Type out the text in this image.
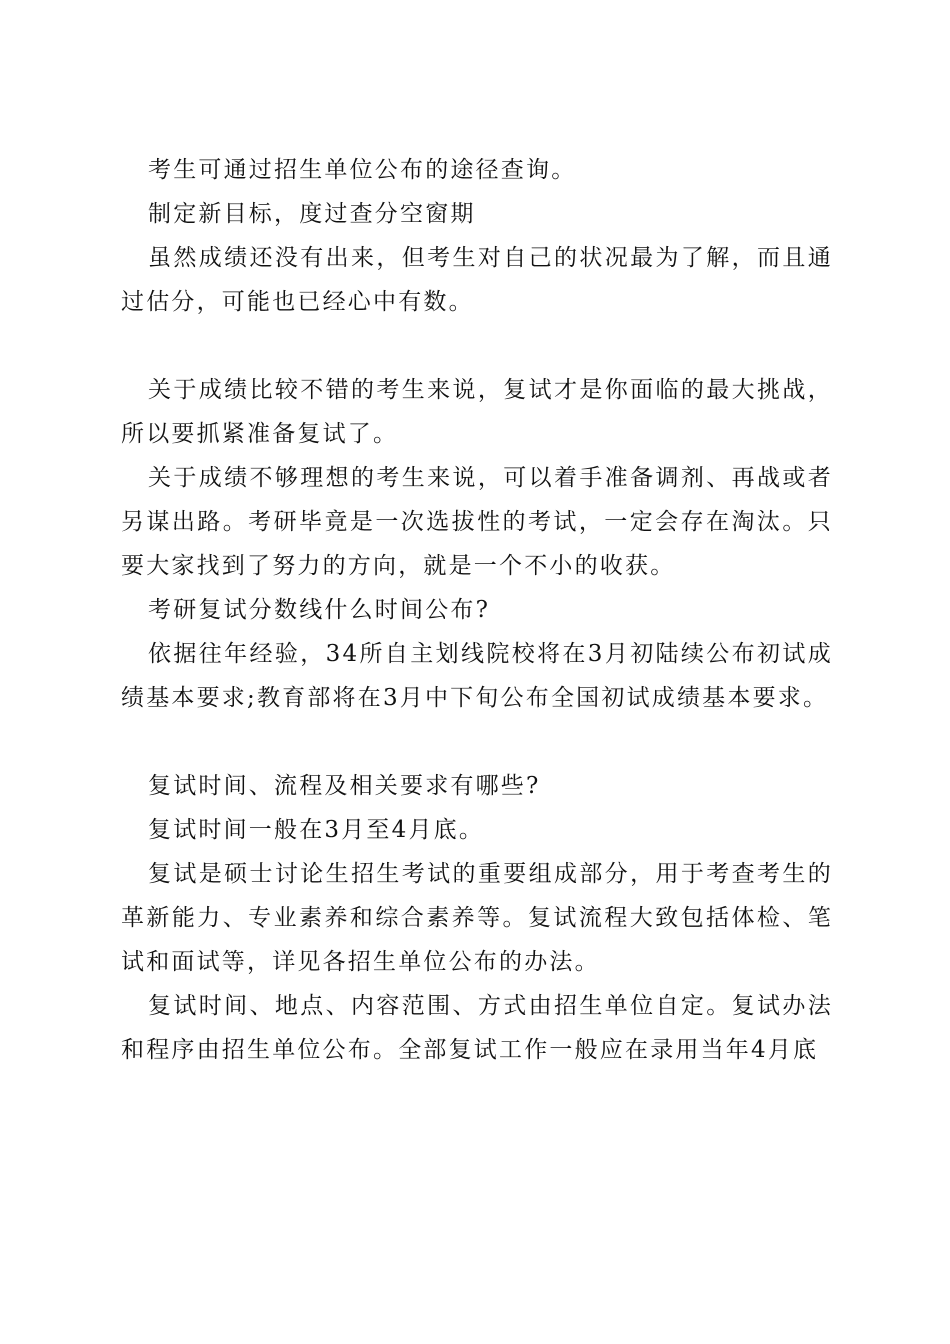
考生可通过招生单位公布的途径查询。

制定新目标，度过查分空窗期

虽然成绩还没有出来，但考生对自己的状况最为了解，而且通过估分，可能也已经心中有数。

关于成绩比较不错的考生来说，复试才是你面临的最大挑战，所以要抓紧准备复试了。

关于成绩不够理想的考生来说，可以着手准备调剂、再战或者另谋出路。考研毕竟是一次选拔性的考试，一定会存在淘汰。只要大家找到了努力的方向，就是一个不小的收获。

考研复试分数线什么时间公布?

依据往年经验，34所自主划线院校将在3月初陆续公布初试成绩基本要求;教育部将在3月中下旬公布全国初试成绩基本要求。

复试时间、流程及相关要求有哪些?

复试时间一般在3月至4月底。

复试是硕士讨论生招生考试的重要组成部分，用于考查考生的革新能力、专业素养和综合素养等。复试流程大致包括体检、笔试和面试等，详见各招生单位公布的办法。

复试时间、地点、内容范围、方式由招生单位自定。复试办法和程序由招生单位公布。全部复试工作一般应在录用当年4月底
